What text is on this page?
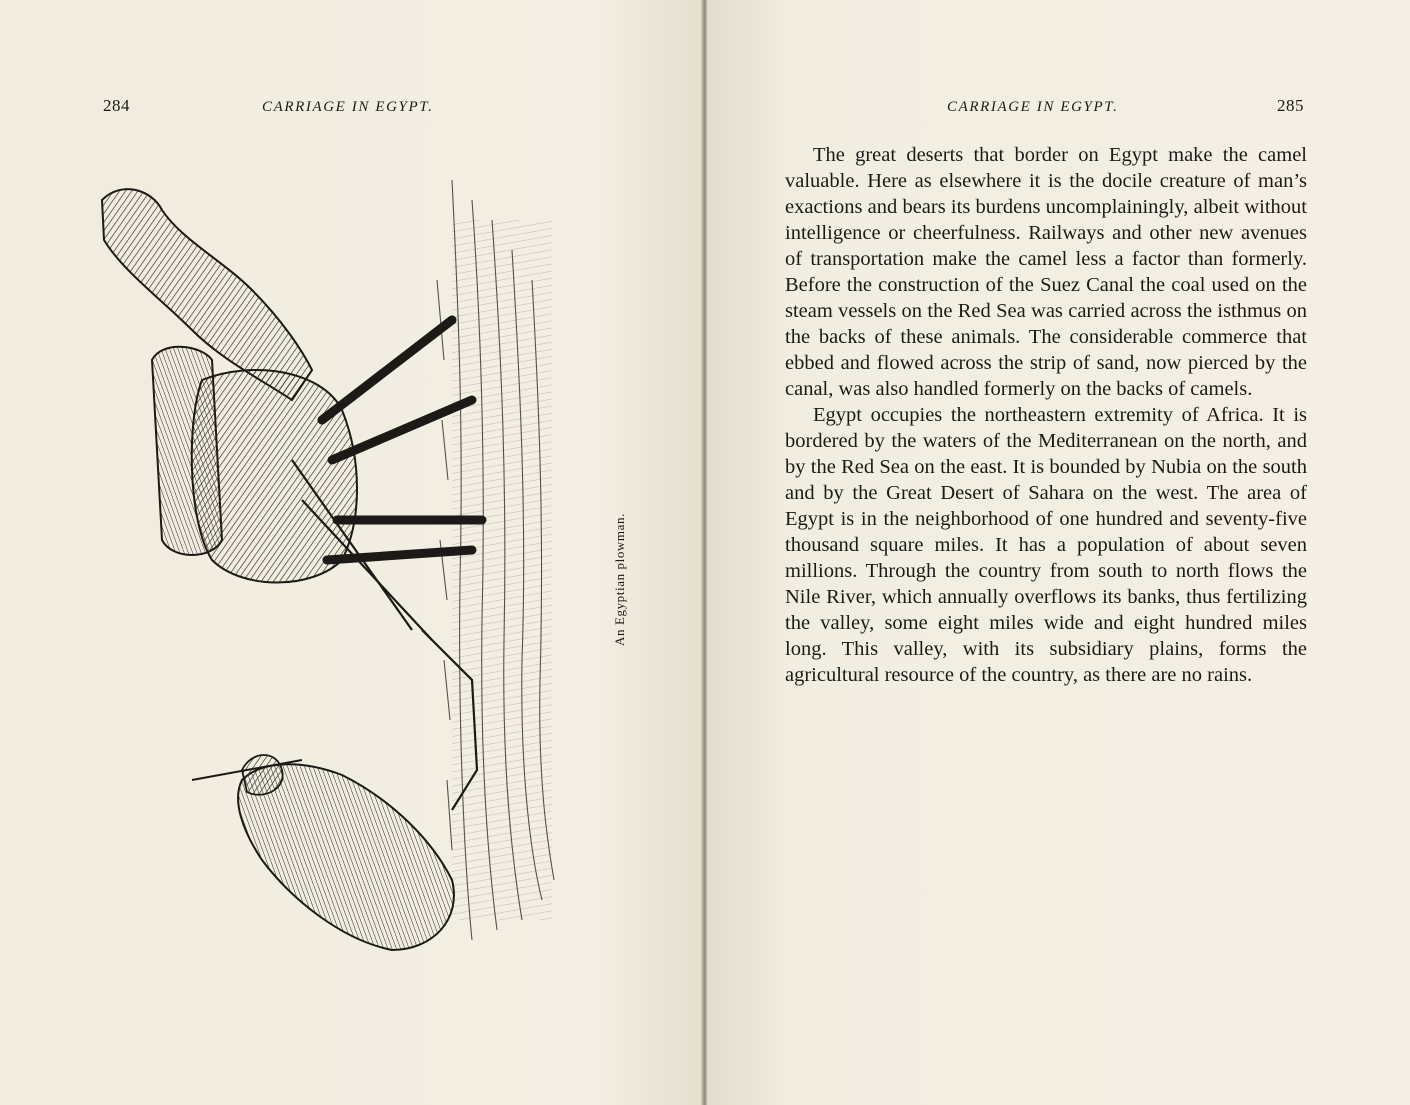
284	CARRIAGE IN EGYPT.
An Egyptian plowman.
CARRIAGE IN EGYPT.	285

The great deserts that border on Egypt make the camel valuable. Here as elsewhere it is the docile creature of man’s exactions and bears its burdens uncomplainingly, albeit without intelligence or cheerfulness. Railways and other new avenues of transportation make the camel less a factor than formerly. Before the construction of the Suez Canal the coal used on the steam vessels on the Red Sea was carried across the isthmus on the backs of these animals. The considerable commerce that ebbed and flowed across the strip of sand, now pierced by the canal, was also handled formerly on the backs of camels.

Egypt occupies the northeastern extremity of Africa. It is bordered by the waters of the Mediterranean on the north, and by the Red Sea on the east. It is bounded by Nubia on the south and by the Great Desert of Sahara on the west. The area of Egypt is in the neighborhood of one hundred and seventy-five thousand square miles. It has a population of about seven millions. Through the country from south to north flows the Nile River, which annually overflows its banks, thus fertilizing the valley, some eight miles wide and eight hundred miles long. This valley, with its subsidiary plains, forms the agricultural resource of the country, as there are no rains.
